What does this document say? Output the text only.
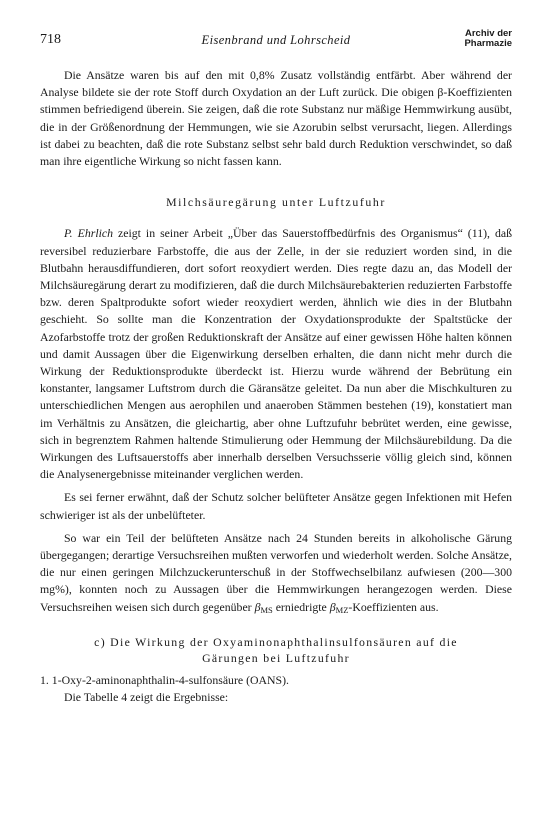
718	Eisenbrand und Lohrscheid	Archiv der
Pharmazie

Die Ansätze waren bis auf den mit 0,8% Zusatz vollständig entfärbt. Aber während der Analyse bildete sie der rote Stoff durch Oxydation an der Luft zurück. Die obigen β-Koeffizienten stimmen befriedigend überein. Sie zeigen, daß die rote Substanz nur mäßige Hemmwirkung ausübt, die in der Größenordnung der Hemmungen, wie sie Azorubin selbst verursacht, liegen. Allerdings ist dabei zu beachten, daß die rote Substanz selbst sehr bald durch Reduktion verschwindet, so daß man ihre eigentliche Wirkung so nicht fassen kann.

Milchsäuregärung unter Luftzufuhr

P. Ehrlich zeigt in seiner Arbeit „Über das Sauerstoffbedürfnis des Organismus“ (11), daß reversibel reduzierbare Farbstoffe, die aus der Zelle, in der sie reduziert worden sind, in die Blutbahn herausdiffundieren, dort sofort reoxydiert werden. Dies regte dazu an, das Modell der Milchsäuregärung derart zu modifizieren, daß die durch Milchsäurebakterien reduzierten Farbstoffe bzw. deren Spaltprodukte sofort wieder reoxydiert werden, ähnlich wie dies in der Blutbahn geschieht. So sollte man die Konzentration der Oxydationsprodukte der Spaltstücke der Azofarbstoffe trotz der großen Reduktionskraft der Ansätze auf einer gewissen Höhe halten können und damit Aussagen über die Eigenwirkung derselben erhalten, die dann nicht mehr durch die Wirkung der Reduktionsprodukte überdeckt ist. Hierzu wurde während der Bebrütung ein konstanter, langsamer Luftstrom durch die Gäransätze geleitet. Da nun aber die Mischkulturen zu unterschiedlichen Mengen aus aerophilen und anaeroben Stämmen bestehen (19), konstatiert man im Verhältnis zu Ansätzen, die gleichartig, aber ohne Luftzufuhr bebrütet werden, eine gewisse, sich in begrenztem Rahmen haltende Stimulierung oder Hemmung der Milchsäurebildung. Da die Wirkungen des Luftsauerstoffs aber innerhalb derselben Versuchsserie völlig gleich sind, können die Analysenergebnisse miteinander verglichen werden.

Es sei ferner erwähnt, daß der Schutz solcher belüfteter Ansätze gegen Infektionen mit Hefen schwieriger ist als der unbelüfteter.

So war ein Teil der belüfteten Ansätze nach 24 Stunden bereits in alkoholische Gärung übergegangen; derartige Versuchsreihen mußten verworfen und wiederholt werden. Solche Ansätze, die nur einen geringen Milchzuckerunterschuß in der Stoffwechselbilanz aufwiesen (200—300 mg%), konnten noch zu Aussagen über die Hemmwirkungen herangezogen werden. Diese Versuchsreihen weisen sich durch gegenüber $\beta_{MS}$ erniedrigte $\beta_{MZ}$-Koeffizienten aus.

c) Die Wirkung der Oxyaminonaphthalinsulfonsäuren auf die
Gärungen bei Luftzufuhr

1. 1-Oxy-2-aminonaphthalin-4-sulfonsäure (OANS).

Die Tabelle 4 zeigt die Ergebnisse:
